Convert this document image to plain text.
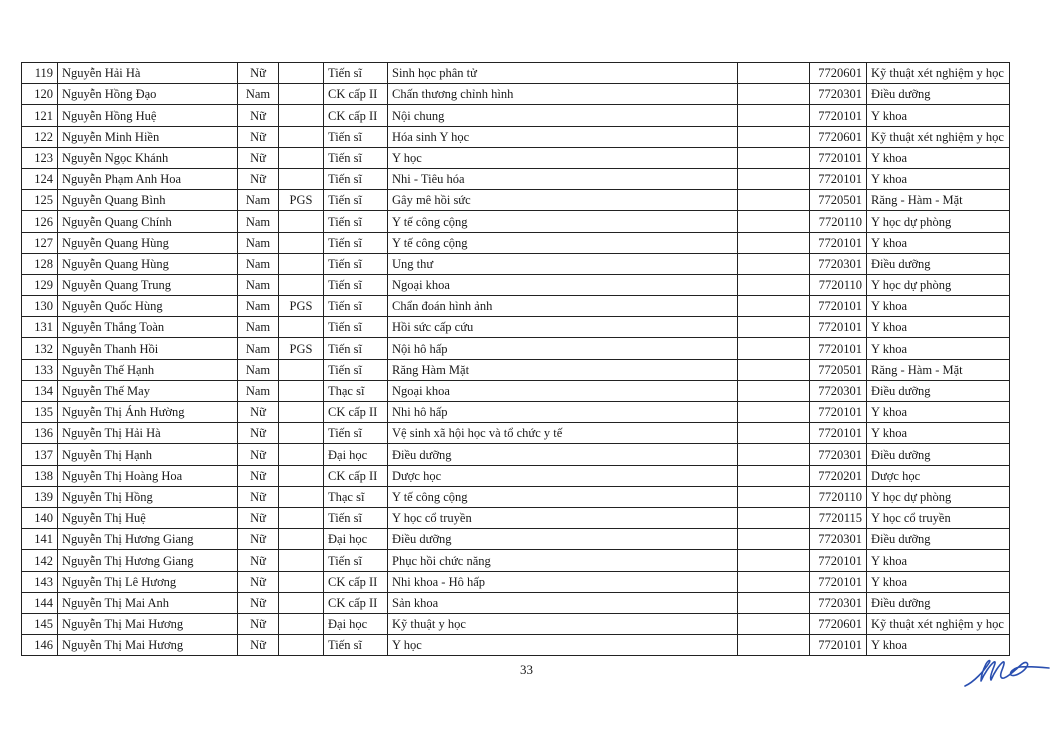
119	Nguyễn Hải Hà	Nữ		Tiến sĩ	Sinh học phân tử		7720601	Kỹ thuật xét nghiệm y học
120	Nguyễn Hồng Đạo	Nam		CK cấp II	Chấn thương chỉnh hình		7720301	Điều dưỡng
121	Nguyễn Hồng Huệ	Nữ		CK cấp II	Nội chung		7720101	Y khoa
122	Nguyễn Minh Hiền	Nữ		Tiến sĩ	Hóa sinh Y học		7720601	Kỹ thuật xét nghiệm y học
123	Nguyễn Ngọc Khánh	Nữ		Tiến sĩ	Y học		7720101	Y khoa
124	Nguyễn Phạm Anh Hoa	Nữ		Tiến sĩ	Nhi - Tiêu hóa		7720101	Y khoa
125	Nguyễn Quang Bình	Nam	PGS	Tiến sĩ	Gây mê hồi sức		7720501	Răng - Hàm - Mặt
126	Nguyễn Quang Chính	Nam		Tiến sĩ	Y tế công cộng		7720110	Y học dự phòng
127	Nguyễn Quang Hùng	Nam		Tiến sĩ	Y tế công cộng		7720101	Y khoa
128	Nguyễn Quang Hùng	Nam		Tiến sĩ	Ung thư		7720301	Điều dưỡng
129	Nguyễn Quang Trung	Nam		Tiến sĩ	Ngoại khoa		7720110	Y học dự phòng
130	Nguyễn Quốc Hùng	Nam	PGS	Tiến sĩ	Chẩn đoán hình ảnh		7720101	Y khoa
131	Nguyễn Thắng Toàn	Nam		Tiến sĩ	Hồi sức cấp cứu		7720101	Y khoa
132	Nguyễn Thanh Hồi	Nam	PGS	Tiến sĩ	Nội hô hấp		7720101	Y khoa
133	Nguyễn Thế Hạnh	Nam		Tiến sĩ	Răng Hàm Mặt		7720501	Răng - Hàm - Mặt
134	Nguyễn Thế May	Nam		Thạc sĩ	Ngoại khoa		7720301	Điều dưỡng
135	Nguyễn Thị Ánh Hường	Nữ		CK cấp II	Nhi hô hấp		7720101	Y khoa
136	Nguyễn Thị Hải Hà	Nữ		Tiến sĩ	Vệ sinh xã hội học và tổ chức y tế		7720101	Y khoa
137	Nguyễn Thị Hạnh	Nữ		Đại học	Điều dưỡng		7720301	Điều dưỡng
138	Nguyễn Thị Hoàng Hoa	Nữ		CK cấp II	Dược học		7720201	Dược học
139	Nguyễn Thị Hồng	Nữ		Thạc sĩ	Y tế công cộng		7720110	Y học dự phòng
140	Nguyễn Thị Huệ	Nữ		Tiến sĩ	Y học cổ truyền		7720115	Y học cổ truyền
141	Nguyễn Thị Hương Giang	Nữ		Đại học	Điều dưỡng		7720301	Điều dưỡng
142	Nguyễn Thị Hương Giang	Nữ		Tiến sĩ	Phục hồi chức năng		7720101	Y khoa
143	Nguyễn Thị Lê Hương	Nữ		CK cấp II	Nhi khoa - Hô hấp		7720101	Y khoa
144	Nguyễn Thị Mai Anh	Nữ		CK cấp II	Sản khoa		7720301	Điều dưỡng
145	Nguyễn Thị Mai Hương	Nữ		Đại học	Kỹ thuật y học		7720601	Kỹ thuật xét nghiệm y học
146	Nguyễn Thị Mai Hương	Nữ		Tiến sĩ	Y học		7720101	Y khoa
33
